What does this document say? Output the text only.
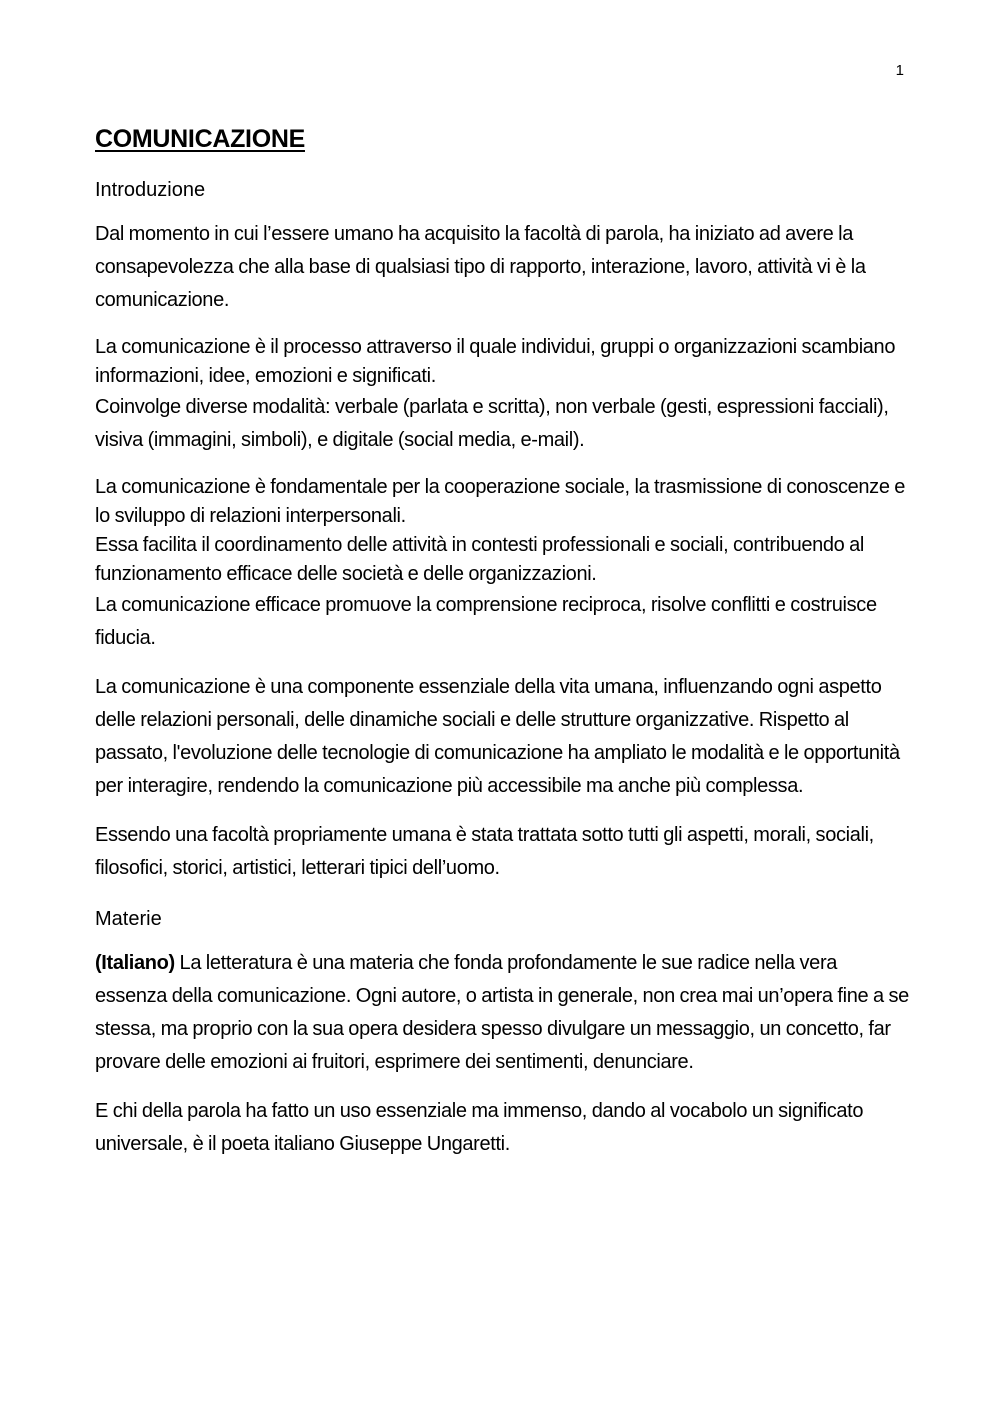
1
COMUNICAZIONE

Introduzione

Dal momento in cui l’essere umano ha acquisito la facoltà di parola, ha iniziato ad avere la consapevolezza che alla base di qualsiasi tipo di rapporto, interazione, lavoro, attività vi è la comunicazione.

La comunicazione è il processo attraverso il quale individui, gruppi o organizzazioni scambiano informazioni, idee, emozioni e significati.
Coinvolge diverse modalità: verbale (parlata e scritta), non verbale (gesti, espressioni facciali), visiva (immagini, simboli), e digitale (social media, e-mail).

La comunicazione è fondamentale per la cooperazione sociale, la trasmissione di conoscenze e lo sviluppo di relazioni interpersonali.
Essa facilita il coordinamento delle attività in contesti professionali e sociali, contribuendo al funzionamento efficace delle società e delle organizzazioni.
La comunicazione efficace promuove la comprensione reciproca, risolve conflitti e costruisce fiducia.

La comunicazione è una componente essenziale della vita umana, influenzando ogni aspetto delle relazioni personali, delle dinamiche sociali e delle strutture organizzative. Rispetto al passato, l'evoluzione delle tecnologie di comunicazione ha ampliato le modalità e le opportunità per interagire, rendendo la comunicazione più accessibile ma anche più complessa.

Essendo una facoltà propriamente umana è stata trattata sotto tutti gli aspetti, morali, sociali, filosofici, storici, artistici, letterari tipici dell’uomo.

Materie

(Italiano) La letteratura è una materia che fonda profondamente le sue radice nella vera essenza della comunicazione. Ogni autore, o artista in generale, non crea mai un’opera fine a se stessa, ma proprio con la sua opera desidera spesso divulgare un messaggio, un concetto, far provare delle emozioni ai fruitori, esprimere dei sentimenti, denunciare.

E chi della parola ha fatto un uso essenziale ma immenso, dando al vocabolo un significato universale, è il poeta italiano Giuseppe Ungaretti.
